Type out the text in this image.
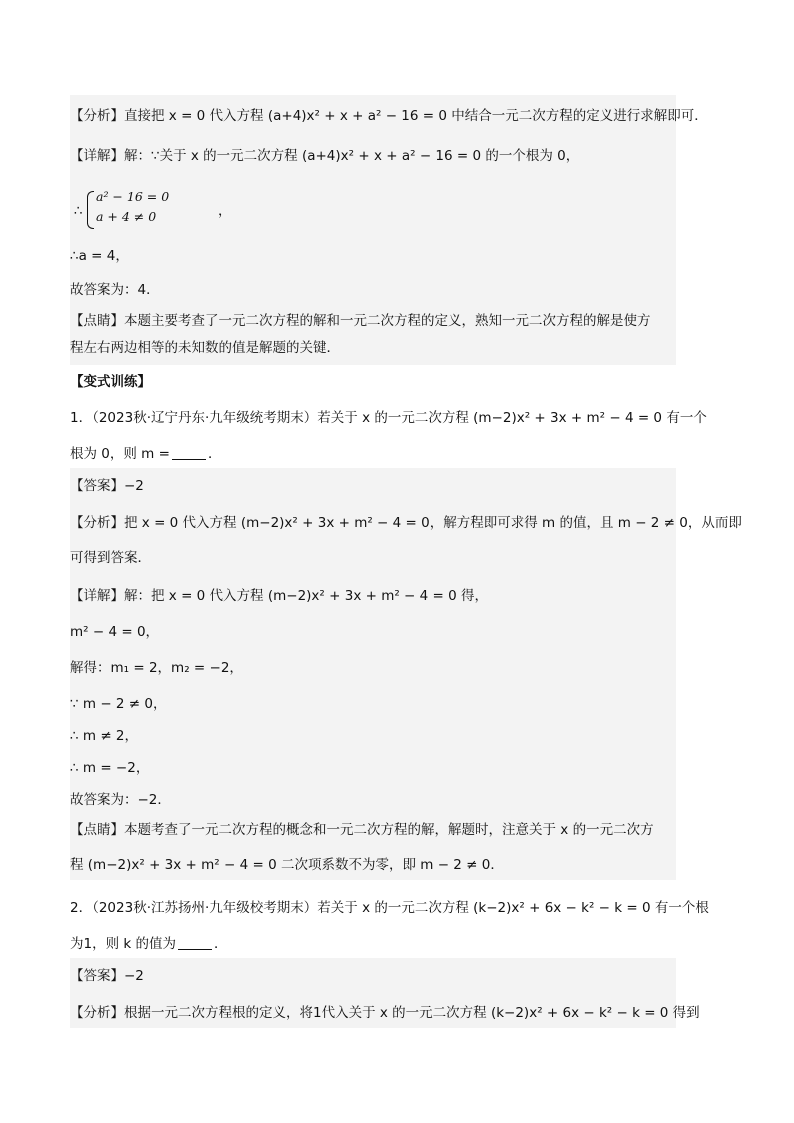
【分析】直接把 x = 0 代入方程 (a+4)x² + x + a² − 16 = 0 中结合一元二次方程的定义进行求解即可．
【详解】解：∵关于 x 的一元二次方程 (a+4)x² + x + a² − 16 = 0 的一个根为 0，
∴
a² − 16 = 0
a + 4 ≠ 0	，
∴a = 4，
故答案为：4．
【点睛】本题主要考查了一元二次方程的解和一元二次方程的定义，熟知一元二次方程的解是使方
程左右两边相等的未知数的值是解题的关键．
【变式训练】
1．（2023秋·辽宁丹东·九年级统考期末）若关于 x 的一元二次方程 (m−2)x² + 3x + m² − 4 = 0 有一个
根为 0，则 m =	．
【答案】−2
【分析】把 x = 0 代入方程 (m−2)x² + 3x + m² − 4 = 0，解方程即可求得 m 的值，且 m − 2 ≠ 0，从而即
可得到答案．
【详解】解：把 x = 0 代入方程 (m−2)x² + 3x + m² − 4 = 0 得，
m² − 4 = 0，
解得：m₁ = 2，m₂ = −2，
∵ m − 2 ≠ 0，
∴ m ≠ 2，
∴ m = −2，
故答案为：−2．
【点睛】本题考查了一元二次方程的概念和一元二次方程的解，解题时，注意关于 x 的一元二次方
程 (m−2)x² + 3x + m² − 4 = 0 二次项系数不为零，即 m − 2 ≠ 0．
2．（2023秋·江苏扬州·九年级校考期末）若关于 x 的一元二次方程 (k−2)x² + 6x − k² − k = 0 有一个根
为1，则 k 的值为	．
【答案】−2
【分析】根据一元二次方程根的定义，将1代入关于 x 的一元二次方程 (k−2)x² + 6x − k² − k = 0 得到
